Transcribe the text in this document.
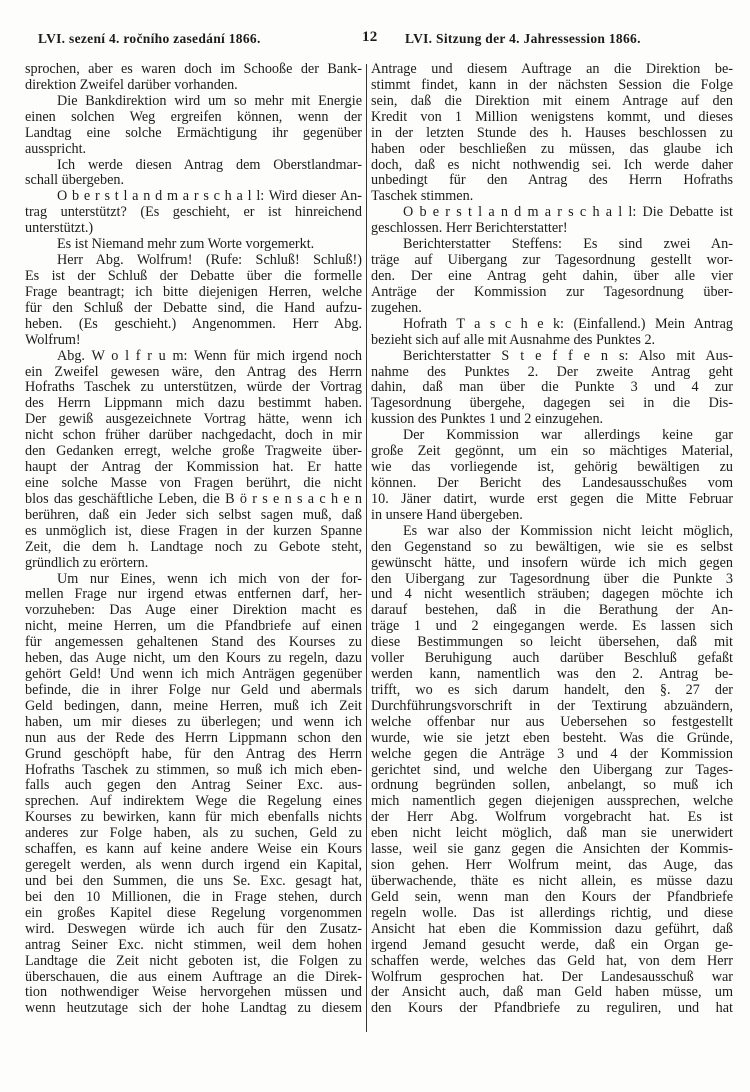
LVI. sezení 4. ročního zasedání 1866.	12 LVI. Sitzung der 4. Jahressession 1866.
sprochen, aber es waren doch im Schooße der Bank-
direktion Zweifel darüber vorhanden.
Die Bankdirektion wird um so mehr mit Energie
einen solchen Weg ergreifen können, wenn der
Landtag eine solche Ermächtigung ihr gegenüber
ausspricht.
Ich werde diesen Antrag dem Oberstlandmar-
schall übergeben.
O b e r s t l a n d m a r s c h a l l: Wird dieser An-
trag unterstützt? (Es geschieht, er ist hinreichend
unterstützt.)
Es ist Niemand mehr zum Worte vorgemerkt.
Herr Abg. Wolfrum! (Rufe: Schluß! Schluß!)
Es ist der Schluß der Debatte über die formelle
Frage beantragt; ich bitte diejenigen Herren, welche
für den Schluß der Debatte sind, die Hand aufzu-
heben. (Es geschieht.) Angenommen. Herr Abg.
Wolfrum!
Abg. W o l f r u m: Wenn für mich irgend noch
ein Zweifel gewesen wäre, den Antrag des Herrn
Hofraths Taschek zu unterstützen, würde der Vortrag
des Herrn Lippmann mich dazu bestimmt haben.
Der gewiß ausgezeichnete Vortrag hätte, wenn ich
nicht schon früher darüber nachgedacht, doch in mir
den Gedanken erregt, welche große Tragweite über-
haupt der Antrag der Kommission hat. Er hatte
eine solche Masse von Fragen berührt, die nicht
blos das geschäftliche Leben, die B ö r s e n s a c h e n
berühren, daß ein Jeder sich selbst sagen muß, daß
es unmöglich ist, diese Fragen in der kurzen Spanne
Zeit, die dem h. Landtage noch zu Gebote steht,
gründlich zu erörtern.
Um nur Eines, wenn ich mich von der for-
mellen Frage nur irgend etwas entfernen darf, her-
vorzuheben: Das Auge einer Direktion macht es
nicht, meine Herren, um die Pfandbriefe auf einen
für angemessen gehaltenen Stand des Kourses zu
heben, das Auge nicht, um den Kours zu regeln, dazu
gehört Geld! Und wenn ich mich Anträgen gegenüber
befinde, die in ihrer Folge nur Geld und abermals
Geld bedingen, dann, meine Herren, muß ich Zeit
haben, um mir dieses zu überlegen; und wenn ich
nun aus der Rede des Herrn Lippmann schon den
Grund geschöpft habe, für den Antrag des Herrn
Hofraths Taschek zu stimmen, so muß ich mich eben-
falls auch gegen den Antrag Seiner Exc. aus-
sprechen. Auf indirektem Wege die Regelung eines
Kourses zu bewirken, kann für mich ebenfalls nichts
anderes zur Folge haben, als zu suchen, Geld zu
schaffen, es kann auf keine andere Weise ein Kours
geregelt werden, als wenn durch irgend ein Kapital,
und bei den Summen, die uns Se. Exc. gesagt hat,
bei den 10 Millionen, die in Frage stehen, durch
ein großes Kapitel diese Regelung vorgenommen
wird. Deswegen würde ich auch für den Zusatz-
antrag Seiner Exc. nicht stimmen, weil dem hohen
Landtage die Zeit nicht geboten ist, die Folgen zu
überschauen, die aus einem Auftrage an die Direk-
tion nothwendiger Weise hervorgehen müssen und
wenn heutzutage sich der hohe Landtag zu diesem
Antrage und diesem Auftrage an die Direktion be-
stimmt findet, kann in der nächsten Session die Folge
sein, daß die Direktion mit einem Antrage auf den
Kredit von 1 Million wenigstens kommt, und dieses
in der letzten Stunde des h. Hauses beschlossen zu
haben oder beschließen zu müssen, das glaube ich
doch, daß es nicht nothwendig sei. Ich werde daher
unbedingt für den Antrag des Herrn Hofraths
Taschek stimmen.
O b e r s t l a n d m a r s c h a l l: Die Debatte ist
geschlossen. Herr Berichterstatter!
Berichterstatter Steffens: Es sind zwei An-
träge auf Uibergang zur Tagesordnung gestellt wor-
den. Der eine Antrag geht dahin, über alle vier
Anträge der Kommission zur Tagesordnung über-
zugehen.
Hofrath T a s c h e k: (Einfallend.) Mein Antrag
bezieht sich auf alle mit Ausnahme des Punktes 2.
Berichterstatter S t e f f e n s: Also mit Aus-
nahme des Punktes 2. Der zweite Antrag geht
dahin, daß man über die Punkte 3 und 4 zur
Tagesordnung übergehe, dagegen sei in die Dis-
kussion des Punktes 1 und 2 einzugehen.
Der Kommission war allerdings keine gar
große Zeit gegönnt, um ein so mächtiges Material,
wie das vorliegende ist, gehörig bewältigen zu
können. Der Bericht des Landesausschußes vom
10. Jäner datirt, wurde erst gegen die Mitte Februar
in unsere Hand übergeben.
Es war also der Kommission nicht leicht möglich,
den Gegenstand so zu bewältigen, wie sie es selbst
gewünscht hätte, und insofern würde ich mich gegen
den Uibergang zur Tagesordnung über die Punkte 3
und 4 nicht wesentlich sträuben; dagegen möchte ich
darauf bestehen, daß in die Berathung der An-
träge 1 und 2 eingegangen werde. Es lassen sich
diese Bestimmungen so leicht übersehen, daß mit
voller Beruhigung auch darüber Beschluß gefaßt
werden kann, namentlich was den 2. Antrag be-
trifft, wo es sich darum handelt, den §. 27 der
Durchführungsvorschrift in der Textirung abzuändern,
welche offenbar nur aus Uebersehen so festgestellt
wurde, wie sie jetzt eben besteht. Was die Gründe,
welche gegen die Anträge 3 und 4 der Kommission
gerichtet sind, und welche den Uibergang zur Tages-
ordnung begründen sollen, anbelangt, so muß ich
mich namentlich gegen diejenigen aussprechen, welche
der Herr Abg. Wolfrum vorgebracht hat. Es ist
eben nicht leicht möglich, daß man sie unerwidert
lasse, weil sie ganz gegen die Ansichten der Kommis-
sion gehen. Herr Wolfrum meint, das Auge, das
überwachende, thäte es nicht allein, es müsse dazu
Geld sein, wenn man den Kours der Pfandbriefe
regeln wolle. Das ist allerdings richtig, und diese
Ansicht hat eben die Kommission dazu geführt, daß
irgend Jemand gesucht werde, daß ein Organ ge-
schaffen werde, welches das Geld hat, von dem Herr
Wolfrum gesprochen hat. Der Landesausschuß war
der Ansicht auch, daß man Geld haben müsse, um
den Kours der Pfandbriefe zu reguliren, und hat
